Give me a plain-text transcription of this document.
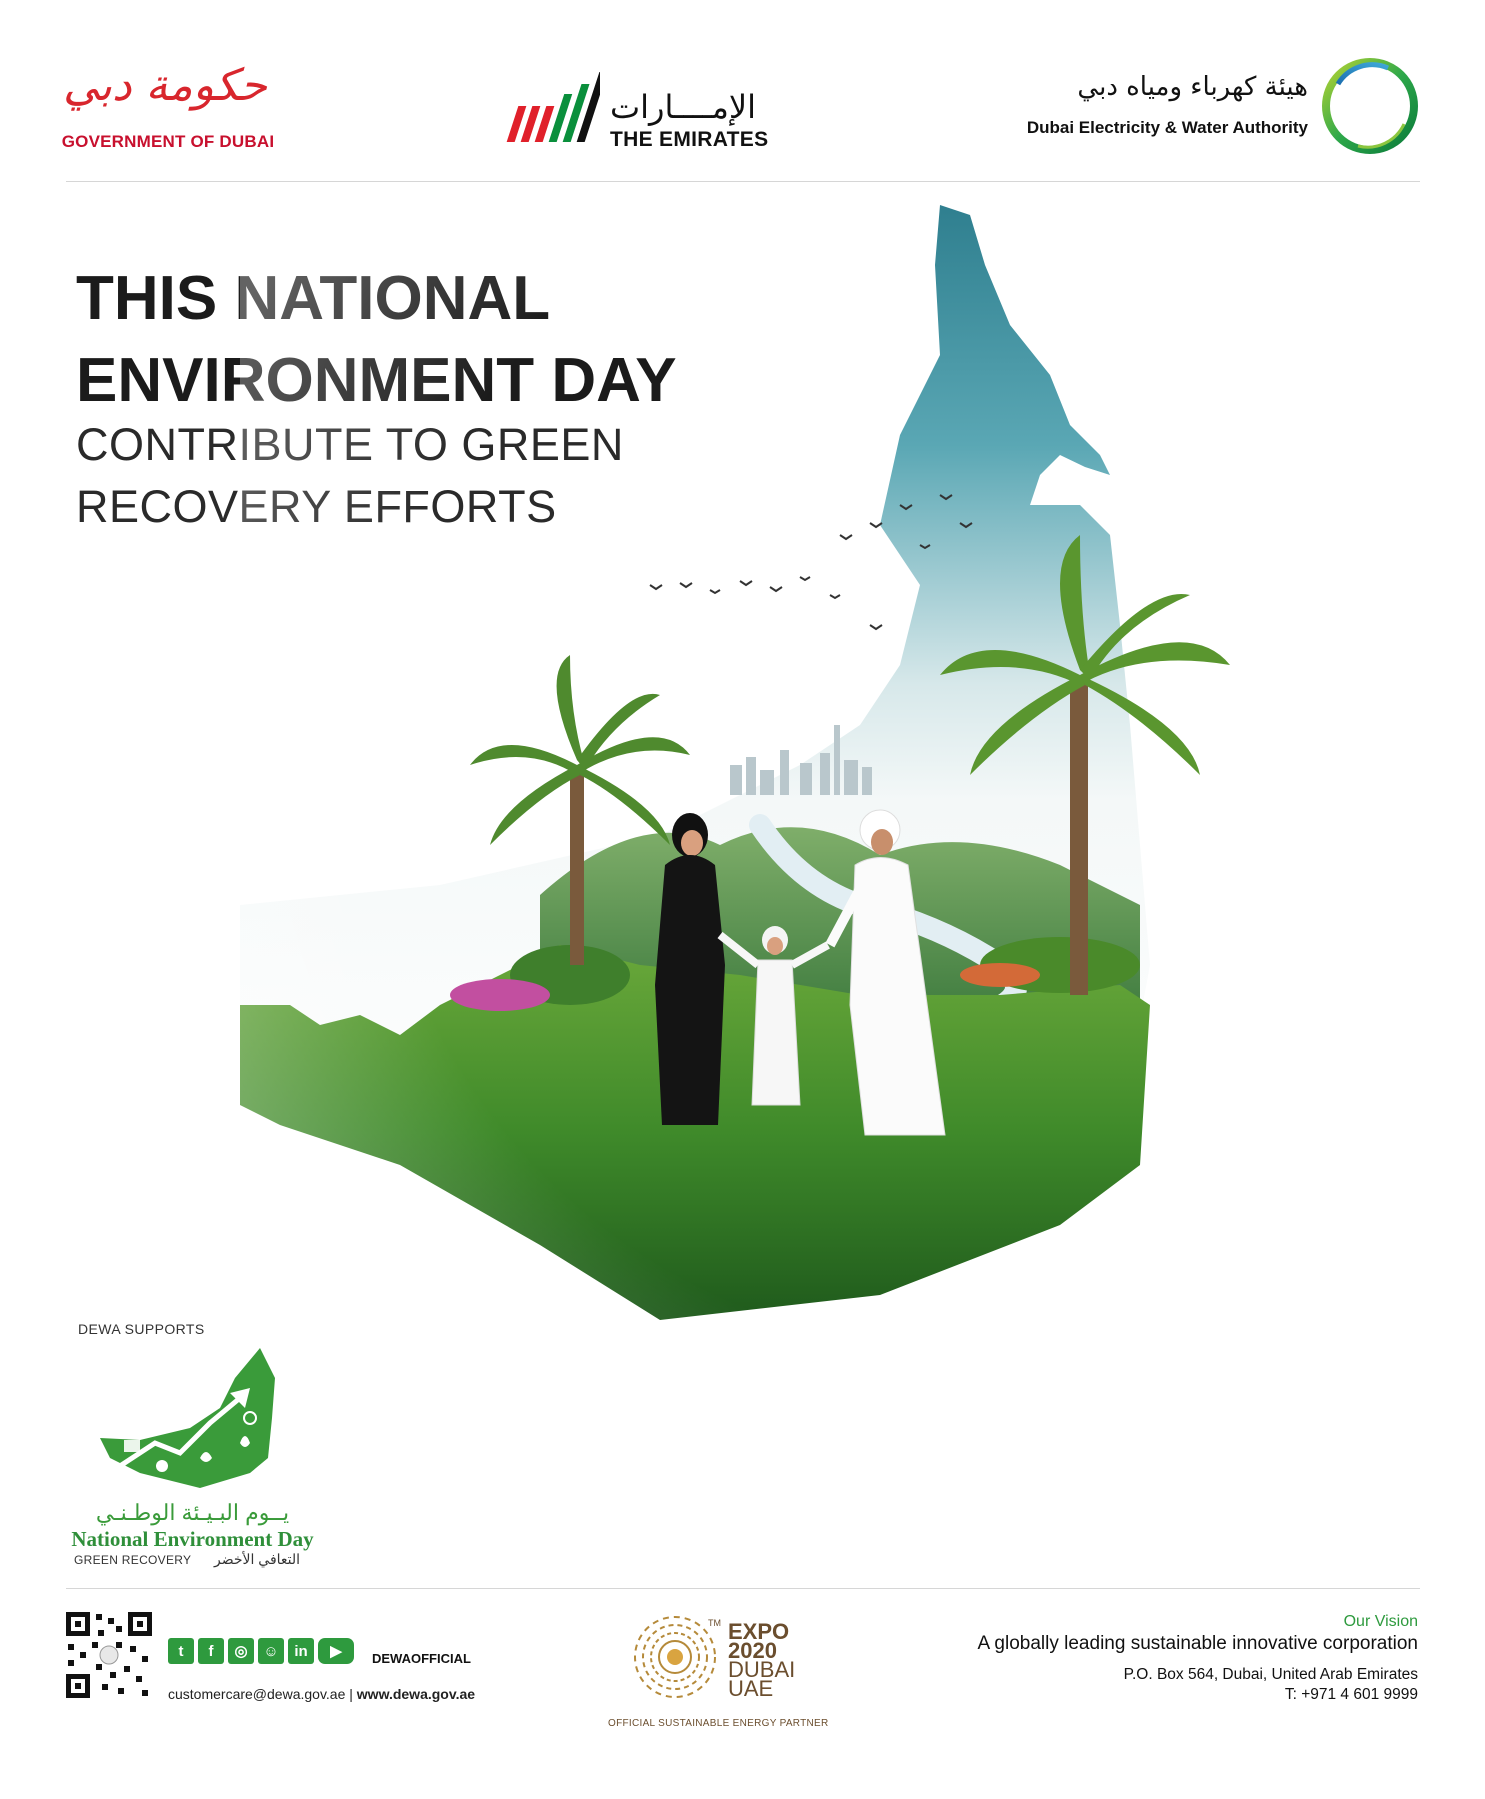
حكومة دبي
GOVERNMENT OF DUBAI
الإمــــارات
THE EMIRATES
هيئة كهرباء ومياه دبي
Dubai Electricity & Water Authority
THIS NATIONAL
ENVIRONMENT DAY
CONTRIBUTE TO GREEN
RECOVERY EFFORTS
DEWA SUPPORTS
يــوم البـيـئة الوطـنـي
National Environment Day
GREEN RECOVERY التعافي الأخضر
t	f	◎	☺	in	▶	DEWAOFFICIAL
customercare@dewa.gov.ae | www.dewa.gov.ae
TM EXPO
2020
DUBAI
UAE
OFFICIAL SUSTAINABLE ENERGY PARTNER
Our Vision
A globally leading sustainable innovative corporation
P.O. Box 564, Dubai, United Arab Emirates
T: +971 4 601 9999
